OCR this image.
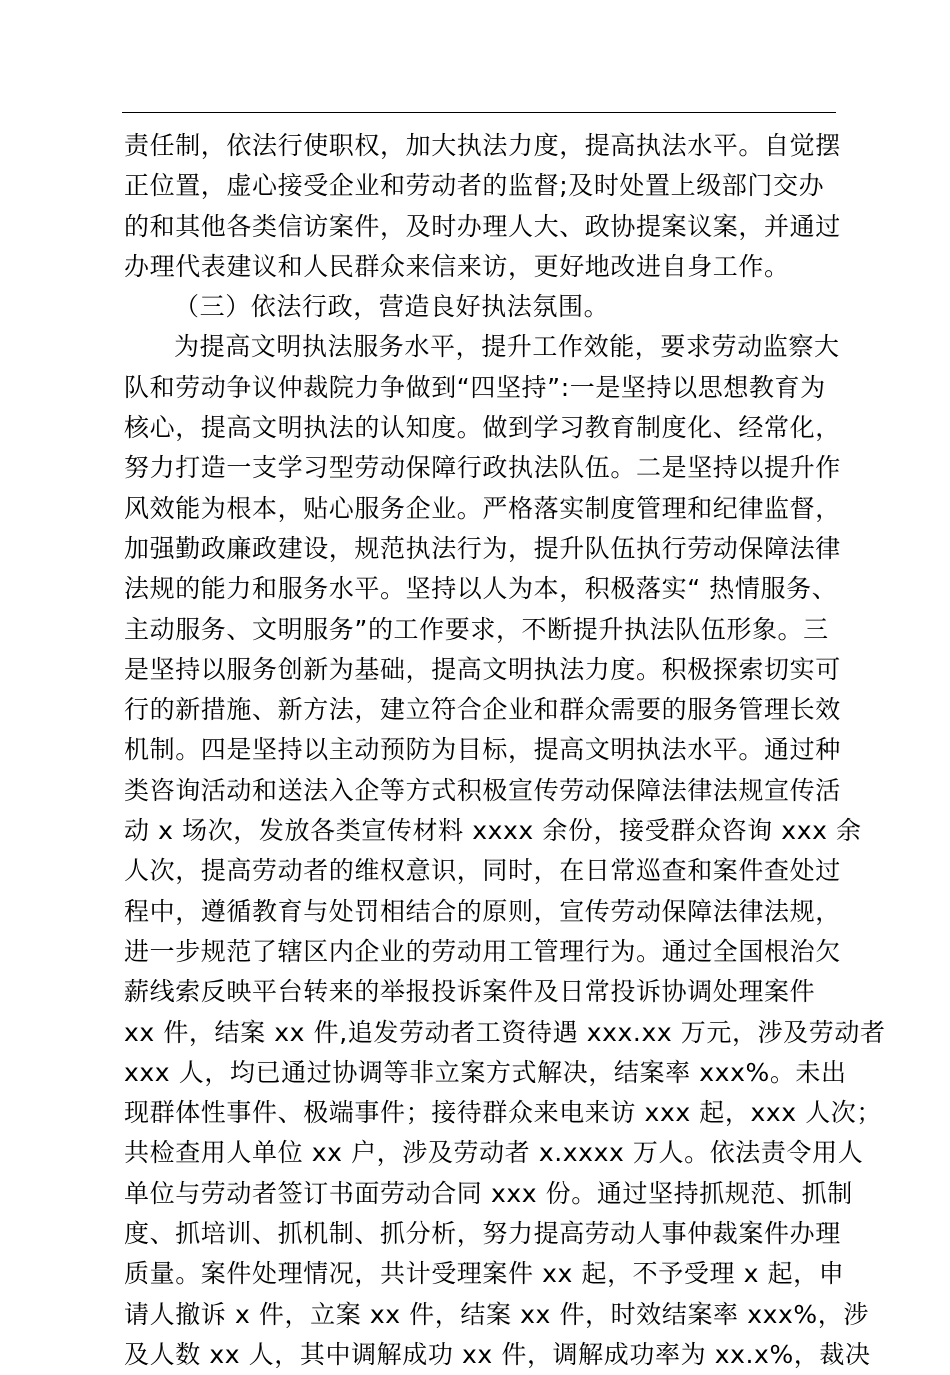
责任制，依法行使职权，加大执法力度，提高执法水平。自觉摆
正位置，虚心接受企业和劳动者的监督;及时处置上级部门交办
的和其他各类信访案件，及时办理人大、政协提案议案，并通过
办理代表建议和人民群众来信来访，更好地改进自身工作。
（三）依法行政，营造良好执法氛围。
为提高文明执法服务水平，提升工作效能，要求劳动监察大
队和劳动争议仲裁院力争做到“四坚持”:一是坚持以思想教育为
核心，提高文明执法的认知度。做到学习教育制度化、经常化，
努力打造一支学习型劳动保障行政执法队伍。二是坚持以提升作
风效能为根本，贴心服务企业。严格落实制度管理和纪律监督，
加强勤政廉政建设，规范执法行为，提升队伍执行劳动保障法律
法规的能力和服务水平。坚持以人为本，积极落实“ 热情服务、
主动服务、文明服务”的工作要求，不断提升执法队伍形象。三
是坚持以服务创新为基础，提高文明执法力度。积极探索切实可
行的新措施、新方法，建立符合企业和群众需要的服务管理长效
机制。四是坚持以主动预防为目标，提高文明执法水平。通过种
类咨询活动和送法入企等方式积极宣传劳动保障法律法规宣传活
动 x 场次，发放各类宣传材料 xxxx 余份，接受群众咨询 xxx 余
人次，提高劳动者的维权意识，同时，在日常巡查和案件查处过
程中，遵循教育与处罚相结合的原则，宣传劳动保障法律法规，
进一步规范了辖区内企业的劳动用工管理行为。通过全国根治欠
薪线索反映平台转来的举报投诉案件及日常投诉协调处理案件
xx 件，结案 xx 件,追发劳动者工资待遇 xxx.xx 万元，涉及劳动者
xxx 人，均已通过协调等非立案方式解决，结案率 xxx%。未出
现群体性事件、极端事件；接待群众来电来访 xxx 起，xxx 人次；
共检查用人单位 xx 户，涉及劳动者 x.xxxx 万人。依法责令用人
单位与劳动者签订书面劳动合同 xxx 份。通过坚持抓规范、抓制
度、抓培训、抓机制、抓分析，努力提高劳动人事仲裁案件办理
质量。案件处理情况，共计受理案件 xx 起，不予受理 x 起，申
请人撤诉 x 件，立案 xx 件，结案 xx 件，时效结案率 xxx%，涉
及人数 xx 人，其中调解成功 xx 件，调解成功率为 xx.x%，裁决
